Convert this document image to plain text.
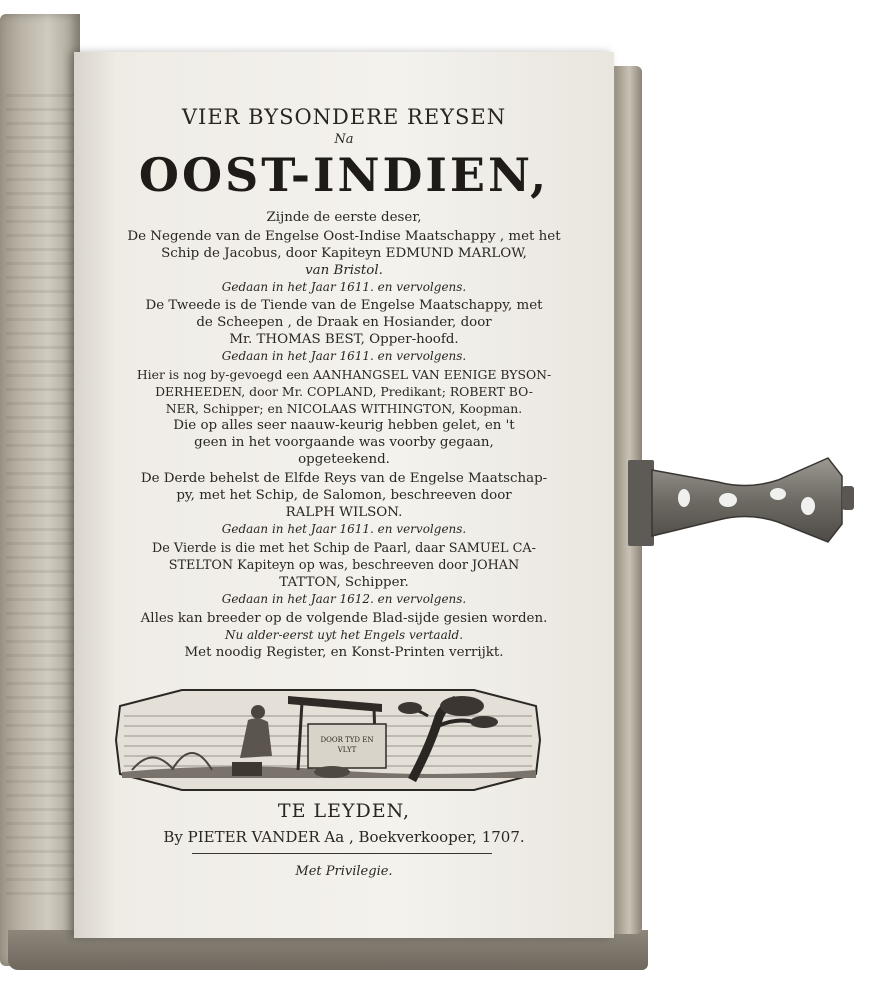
VIER BYSONDERE REYSEN
Na
OOST-INDIEN,
Zijnde de eerste deser,
De Negende van de Engelse Oost-Indise Maatschappy , met het
Schip de Jacobus, door Kapiteyn EDMUND MARLOW,
van Bristol.
Gedaan in het Jaar 1611. en vervolgens.
De Tweede is de Tiende van de Engelse Maatschappy, met
de Scheepen , de Draak en Hosiander, door
Mr. THOMAS BEST, Opper-hoofd.
Gedaan in het Jaar 1611. en vervolgens.
Hier is nog by-gevoegd een AANHANGSEL VAN EENIGE BYSON-
DERHEEDEN, door Mr. COPLAND, Predikant; ROBERT BO-
NER, Schipper; en NICOLAAS WITHINGTON, Koopman.
Die op alles seer naauw-keurig hebben gelet, en 't
geen in het voorgaande was voorby gegaan,
opgeteekend.
De Derde behelst de Elfde Reys van de Engelse Maatschap-
py, met het Schip, de Salomon, beschreeven door
RALPH WILSON.
Gedaan in het Jaar 1611. en vervolgens.
De Vierde is die met het Schip de Paarl, daar SAMUEL CA-
STELTON Kapiteyn op was, beschreeven door JOHAN
TATTON, Schipper.
Gedaan in het Jaar 1612. en vervolgens.
Alles kan breeder op de volgende Blad-sijde gesien worden.
Nu alder-eerst uyt het Engels vertaald.
Met noodig Register, en Konst-Printen verrijkt.
TE LEYDEN,
By PIETER VANDER Aa , Boekverkooper, 1707.
Met Privilegie.
DOOR TYD EN
VLYT
